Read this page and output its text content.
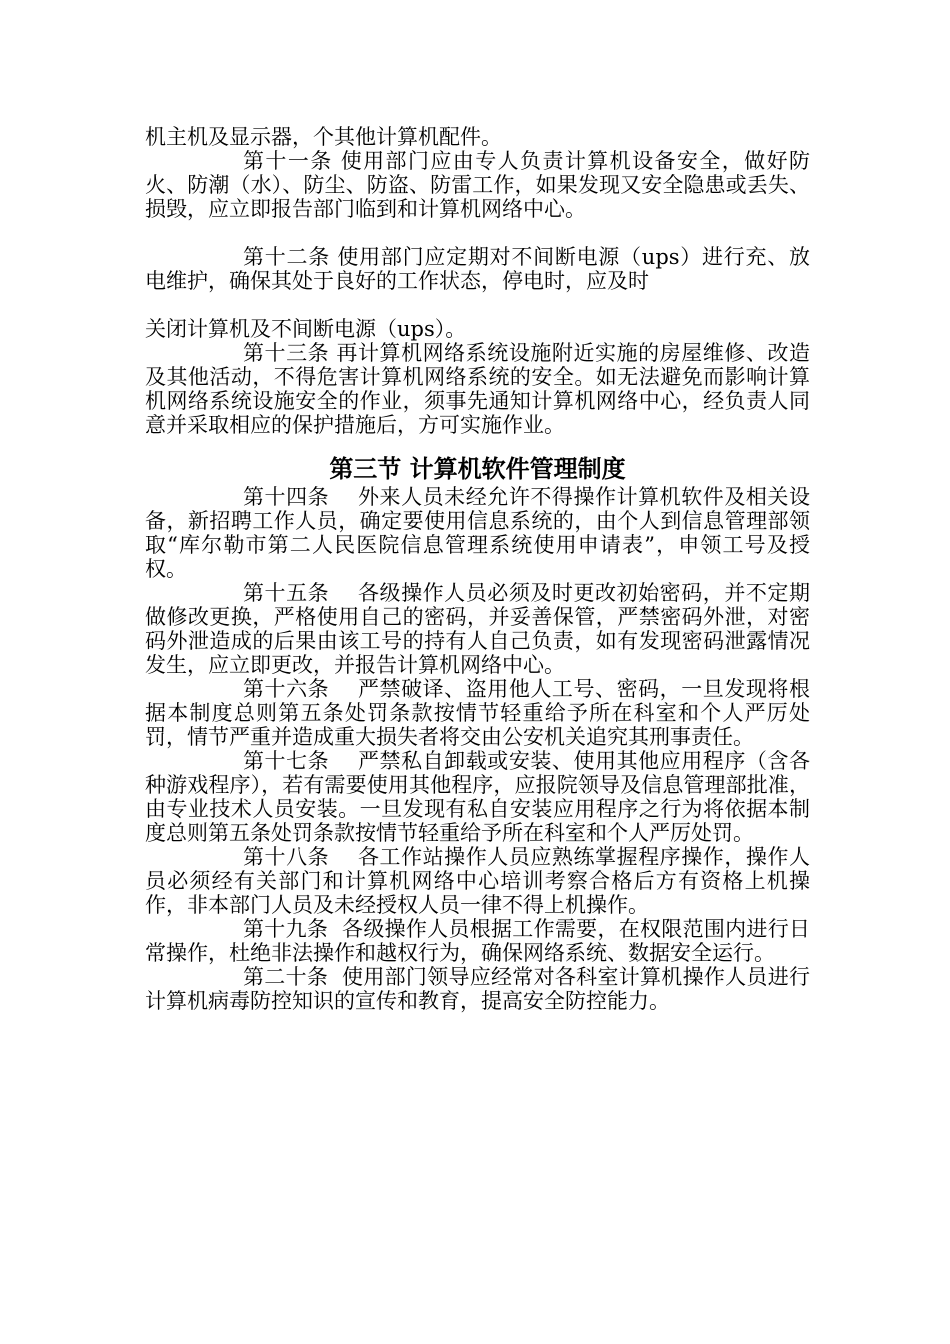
机主机及显示器，个其他计算机配件。

第十一条 使用部门应由专人负责计算机设备安全，做好防火、防潮（水）、防尘、防盗、防雷工作，如果发现又安全隐患或丢失、损毁，应立即报告部门临到和计算机网络中心。

第十二条 使用部门应定期对不间断电源（ups）进行充、放电维护，确保其处于良好的工作状态，停电时，应及时

关闭计算机及不间断电源（ups）。

第十三条 再计算机网络系统设施附近实施的房屋维修、改造及其他活动，不得危害计算机网络系统的安全。如无法避免而影响计算机网络系统设施安全的作业，须事先通知计算机网络中心，经负责人同意并采取相应的保护措施后，方可实施作业。

第三节 计算机软件管理制度

第十四条　 外来人员未经允许不得操作计算机软件及相关设备，新招聘工作人员，确定要使用信息系统的，由个人到信息管理部领取“库尔勒市第二人民医院信息管理系统使用申请表”，申领工号及授权。

第十五条　 各级操作人员必须及时更改初始密码，并不定期做修改更换，严格使用自己的密码，并妥善保管，严禁密码外泄，对密码外泄造成的后果由该工号的持有人自己负责，如有发现密码泄露情况发生，应立即更改，并报告计算机网络中心。

第十六条　 严禁破译、盗用他人工号、密码，一旦发现将根据本制度总则第五条处罚条款按情节轻重给予所在科室和个人严厉处罚，情节严重并造成重大损失者将交由公安机关追究其刑事责任。

第十七条　 严禁私自卸载或安装、使用其他应用程序（含各种游戏程序），若有需要使用其他程序，应报院领导及信息管理部批准，由专业技术人员安装。一旦发现有私自安装应用程序之行为将依据本制度总则第五条处罚条款按情节轻重给予所在科室和个人严厉处罚。

第十八条　 各工作站操作人员应熟练掌握程序操作，操作人员必须经有关部门和计算机网络中心培训考察合格后方有资格上机操作，非本部门人员及未经授权人员一律不得上机操作。

第十九条  各级操作人员根据工作需要，在权限范围内进行日常操作，杜绝非法操作和越权行为，确保网络系统、数据安全运行。

第二十条  使用部门领导应经常对各科室计算机操作人员进行计算机病毒防控知识的宣传和教育，提高安全防控能力。
